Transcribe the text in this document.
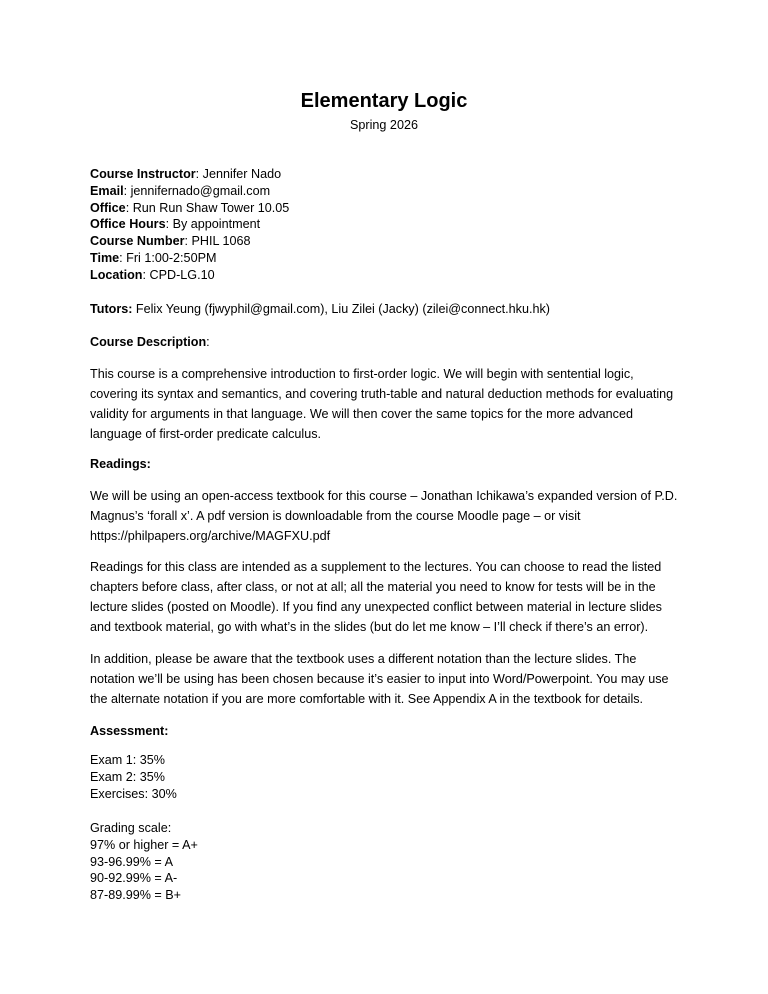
Elementary Logic
Spring 2026
Course Instructor: Jennifer Nado
Email: jennifernado@gmail.com
Office: Run Run Shaw Tower 10.05
Office Hours: By appointment
Course Number: PHIL 1068
Time: Fri 1:00-2:50PM
Location: CPD-LG.10
Tutors: Felix Yeung (fjwyphil@gmail.com), Liu Zilei (Jacky) (zilei@connect.hku.hk)
Course Description:
This course is a comprehensive introduction to first-order logic. We will begin with sentential logic, covering its syntax and semantics, and covering truth-table and natural deduction methods for evaluating validity for arguments in that language. We will then cover the same topics for the more advanced language of first-order predicate calculus.
Readings:
We will be using an open-access textbook for this course – Jonathan Ichikawa’s expanded version of P.D. Magnus’s ‘forall x’. A pdf version is downloadable from the course Moodle page – or visit https://philpapers.org/archive/MAGFXU.pdf
Readings for this class are intended as a supplement to the lectures. You can choose to read the listed chapters before class, after class, or not at all; all the material you need to know for tests will be in the lecture slides (posted on Moodle). If you find any unexpected conflict between material in lecture slides and textbook material, go with what’s in the slides (but do let me know – I’ll check if there’s an error).
In addition, please be aware that the textbook uses a different notation than the lecture slides. The notation we’ll be using has been chosen because it’s easier to input into Word/Powerpoint. You may use the alternate notation if you are more comfortable with it. See Appendix A in the textbook for details.
Assessment:
Exam 1: 35%
Exam 2: 35%
Exercises: 30%
Grading scale:
97% or higher = A+
93-96.99% = A
90-92.99% = A-
87-89.99% = B+
